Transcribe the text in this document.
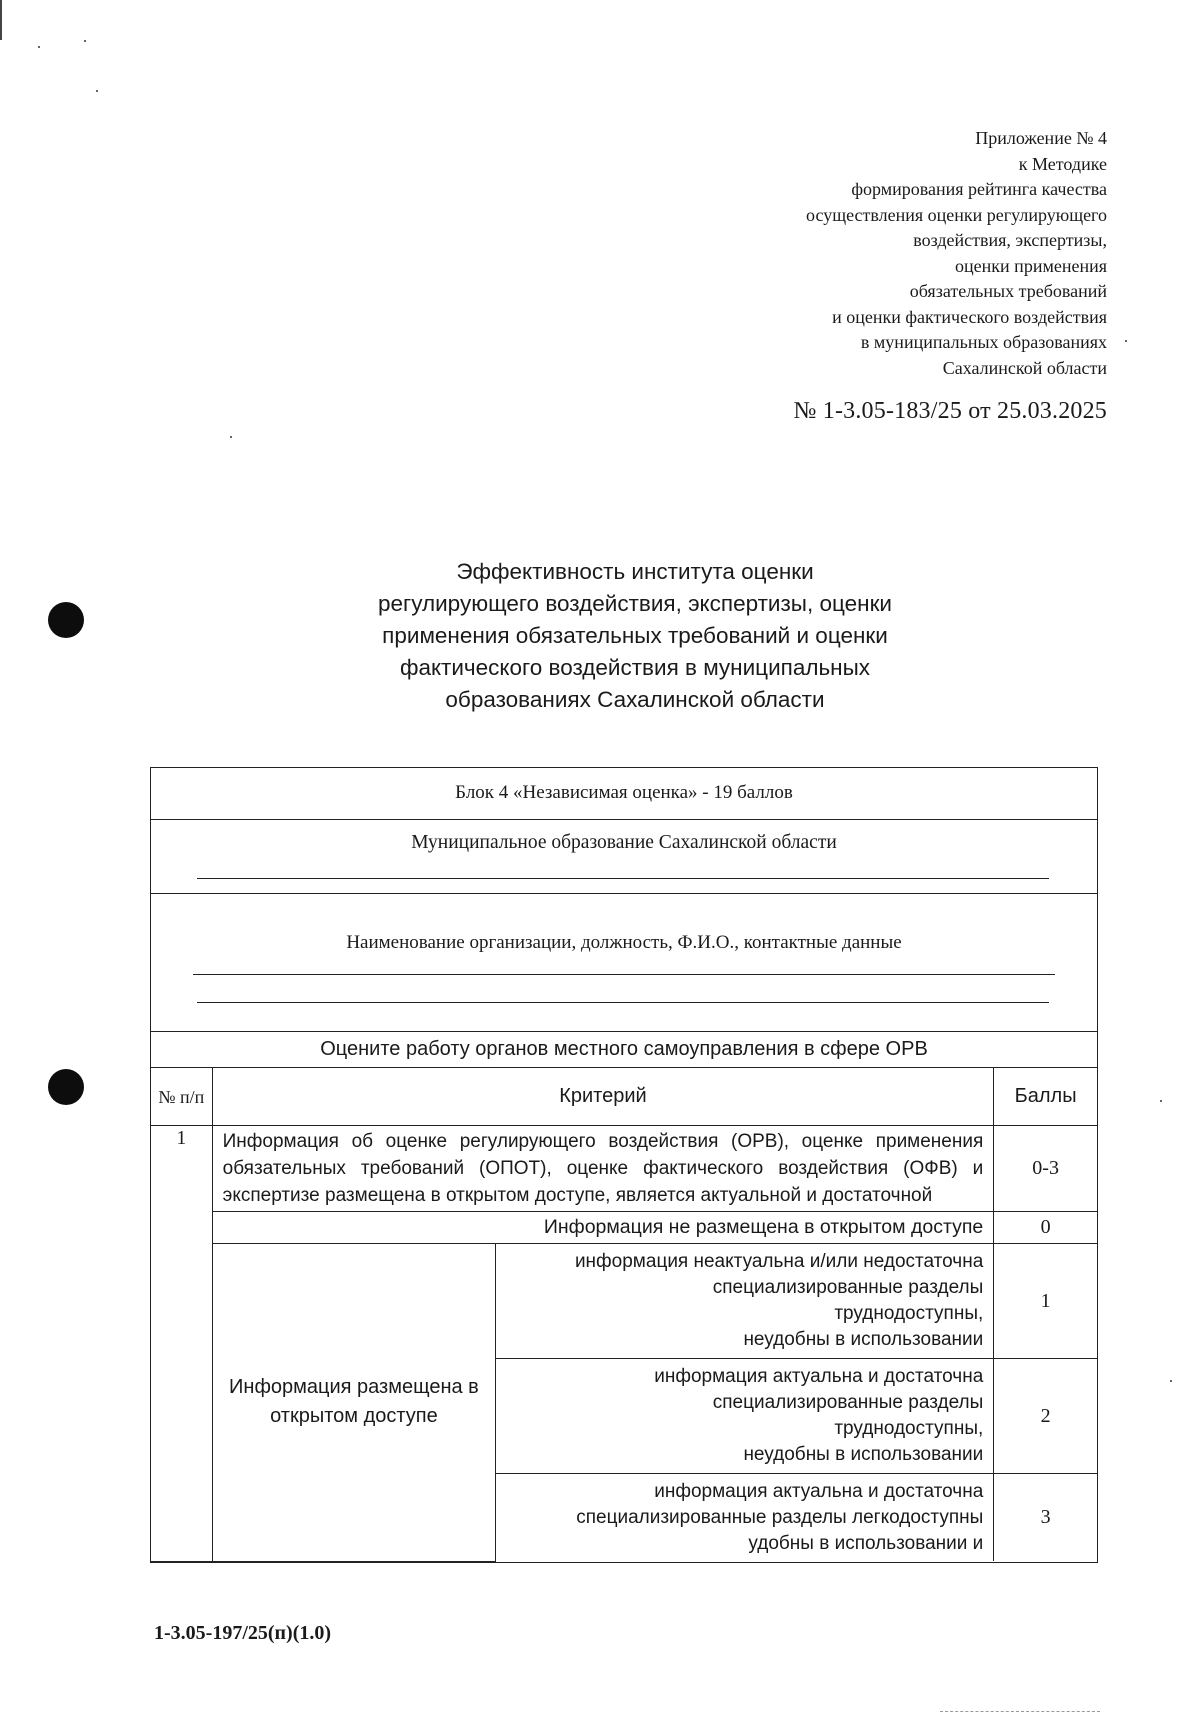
Приложение № 4
к Методике
формирования рейтинга качества
осуществления оценки регулирующего
воздействия, экспертизы,
оценки применения
обязательных требований
и оценки фактического воздействия
в муниципальных образованиях
Сахалинской области
№ 1-3.05-183/25 от 25.03.2025
Эффективность института оценки
регулирующего воздействия, экспертизы, оценки
применения обязательных требований и оценки
фактического воздействия в муниципальных
образованиях Сахалинской области
Блок 4 «Независимая оценка» - 19 баллов
Муниципальное образование Сахалинской области
Наименование организации, должность, Ф.И.О., контактные данные
Оцените работу органов местного самоуправления в сфере ОРВ
№ п/п	Критерий		Баллы
1	Информация об оценке регулирующего воздействия (ОРВ), оценке применения обязательных требований (ОПОТ), оценке фактического воздействия (ОФВ) и экспертизе размещена в открытом доступе, является актуальной и достаточной		0-3
	Информация не размещена в открытом доступе		0
	Информация размещена в открытом доступе	информация неактуальна и/или недостаточна
специализированные разделы
труднодоступны,
неудобны в использовании	1

		информация актуальна и достаточна
специализированные разделы
труднодоступны,
неудобны в использовании	2

		информация актуальна и достаточна
специализированные разделы легкодоступны
удобны в использовании и	3
1-3.05-197/25(п)(1.0)
